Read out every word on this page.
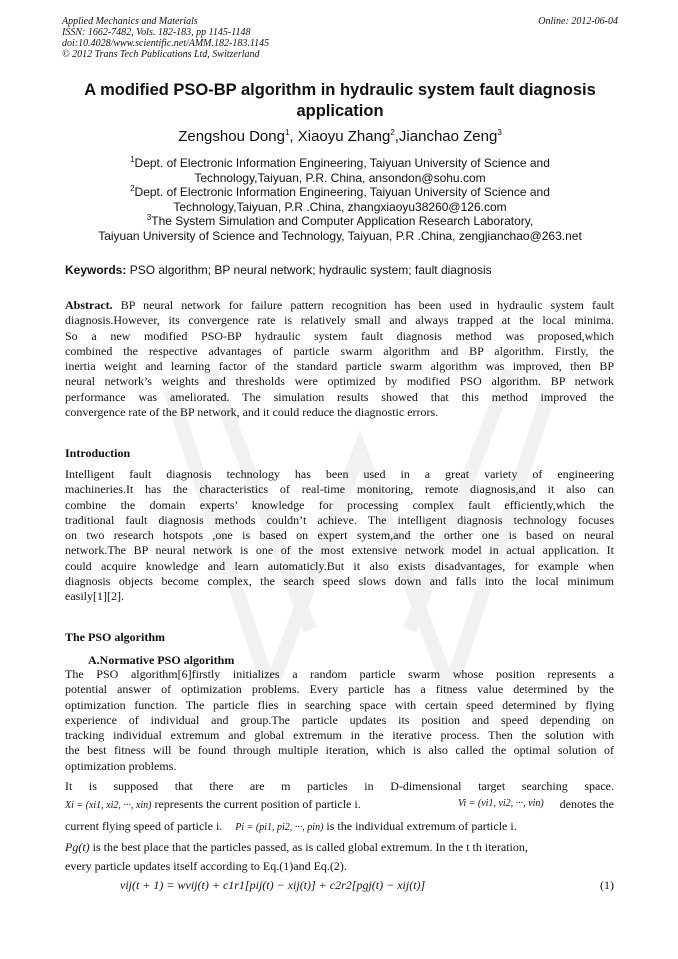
Applied Mechanics and Materials
ISSN: 1662-7482, Vols. 182-183, pp 1145-1148
doi:10.4028/www.scientific.net/AMM.182-183.1145
© 2012 Trans Tech Publications Ltd, Switzerland
Online: 2012-06-04
A modified PSO-BP algorithm in hydraulic system fault diagnosis
application
Zengshou Dong$^1$, Xiaoyu Zhang$^2$,Jianchao Zeng$^3$
$^1$Dept. of Electronic Information Engineering, Taiyuan University of Science and
Technology,Taiyuan, P.R. China, ansondon@sohu.com
$^2$Dept. of Electronic Information Engineering, Taiyuan University of Science and
Technology,Taiyuan, P.R .China, zhangxiaoyu38260@126.com
$^3$The System Simulation and Computer Application Research Laboratory,
Taiyuan University of Science and Technology, Taiyuan, P.R .China, zengjianchao@263.net
Keywords: PSO algorithm; BP neural network; hydraulic system; fault diagnosis
Abstract. BP neural network for failure pattern recognition has been used in hydraulic system fault
diagnosis.However, its convergence rate is relatively small and always trapped at the local minima.
So a new modified PSO-BP hydraulic system fault diagnosis method was proposed,which
combined the respective advantages of particle swarm algorithm and BP algorithm. Firstly, the
inertia weight and learning factor of the standard particle swarm algorithm was improved, then BP
neural network’s weights and thresholds were optimized by modified PSO algorithm. BP network
performance was ameliorated. The simulation results showed that this method improved the
convergence rate of the BP network, and it could reduce the diagnostic errors.
Introduction
Intelligent fault diagnosis technology has been used in a great variety of engineering
machineries.It has the characteristics of real-time monitoring, remote diagnosis,and it also can
combine the domain experts’ knowledge for processing complex fault efficiently,which the
traditional fault diagnosis methods couldn’t achieve. The intelligent diagnosis technology focuses
on two research hotspots ,one is based on expert system,and the orther one is based on neural
network.The BP neural network is one of the most extensive network model in actual application. It
could acquire knowledge and learn automaticly.But it also exists disadvantages, for example when
diagnosis objects become complex, the search speed slows down and falls into the local minimum
easily[1][2].
The PSO algorithm
A.Normative PSO algorithm
The PSO algorithm[6]firstly initializes a random particle swarm whose position represents a
potential answer of optimization problems. Every particle has a fitness value determined by the
optimization function. The particle flies in searching space with certain speed determined by flying
experience of individual and group.The particle updates its position and speed depending on
tracking individual extremum and global extremum in the iterative process. Then the solution with
the best fitness will be found through multiple iteration, which is also called the optimal solution of
optimization problems.
It is supposed that there are m particles in D-dimensional target searching space.
Xi = (xi1, xi2, ···, xin) represents the current position of particle i.	Vi = (vi1, vi2, ···, vin) denotes the
current flying speed of particle i. Pi = (pi1, pi2, ···, pin) is the individual extremum of particle i.
Pg(t) is the best place that the particles passed, as is called global extremum. In the t th iteration,
every particle updates itself according to Eq.(1)and Eq.(2).
vij(t + 1) = wvij(t) + c1r1[pij(t) − xij(t)] + c2r2[pgj(t) − xij(t)]	(1)
